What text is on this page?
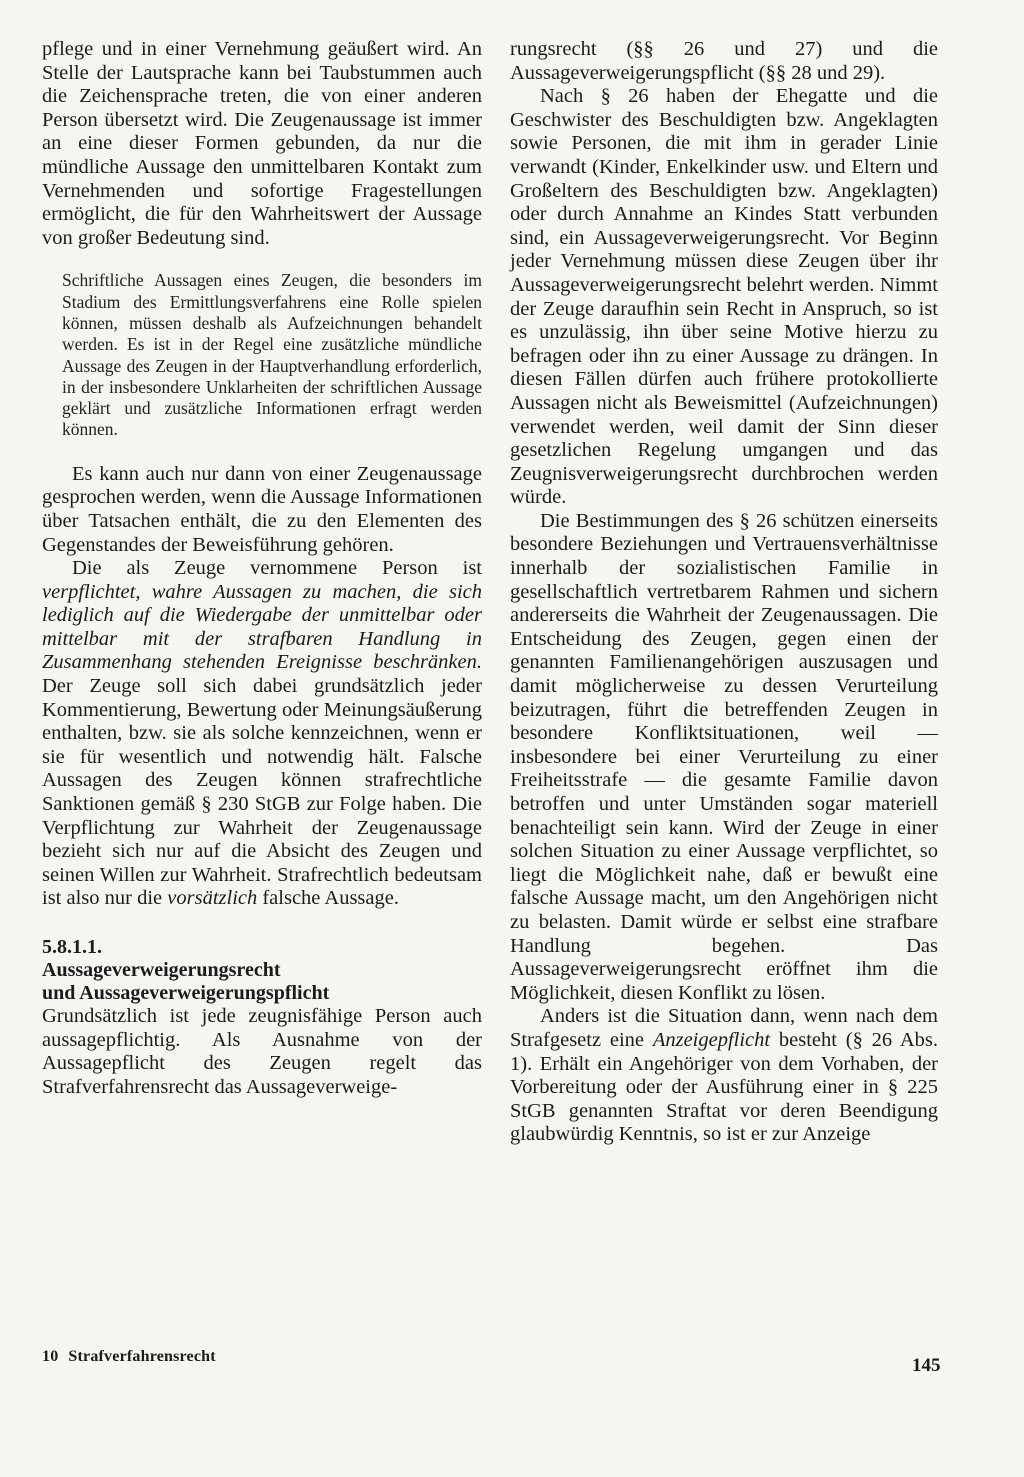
pflege und in einer Vernehmung geäußert wird. An Stelle der Lautsprache kann bei Taubstummen auch die Zeichensprache treten, die von einer anderen Person übersetzt wird. Die Zeugenaussage ist immer an eine dieser Formen gebunden, da nur die mündliche Aussage den unmittelbaren Kontakt zum Vernehmenden und sofortige Fragestellungen ermöglicht, die für den Wahrheitswert der Aussage von großer Bedeutung sind.

Schriftliche Aussagen eines Zeugen, die besonders im Stadium des Ermittlungsverfahrens eine Rolle spielen können, müssen deshalb als Aufzeichnungen behandelt werden. Es ist in der Regel eine zusätzliche mündliche Aussage des Zeugen in der Hauptverhandlung erforderlich, in der insbesondere Unklarheiten der schriftlichen Aussage geklärt und zusätzliche Informationen erfragt werden können.

Es kann auch nur dann von einer Zeugenaussage gesprochen werden, wenn die Aussage Informationen über Tatsachen enthält, die zu den Elementen des Gegenstandes der Beweisführung gehören.

Die als Zeuge vernommene Person ist verpflichtet, wahre Aussagen zu machen, die sich lediglich auf die Wiedergabe der unmittelbar oder mittelbar mit der strafbaren Handlung in Zusammenhang stehenden Ereignisse beschränken. Der Zeuge soll sich dabei grundsätzlich jeder Kommentierung, Bewertung oder Meinungsäußerung enthalten, bzw. sie als solche kennzeichnen, wenn er sie für wesentlich und notwendig hält. Falsche Aussagen des Zeugen können strafrechtliche Sanktionen gemäß § 230 StGB zur Folge haben. Die Verpflichtung zur Wahrheit der Zeugenaussage bezieht sich nur auf die Absicht des Zeugen und seinen Willen zur Wahrheit. Strafrechtlich bedeutsam ist also nur die vorsätzlich falsche Aussage.

5.8.1.1.
Aussageverweigerungsrecht
und Aussageverweigerungspflicht

Grundsätzlich ist jede zeugnisfähige Person auch aussagepflichtig. Als Ausnahme von der Aussagepflicht des Zeugen regelt das Strafverfahrensrecht das Aussageverweige-

rungsrecht (§§ 26 und 27) und die Aussageverweigerungspflicht (§§ 28 und 29).

Nach § 26 haben der Ehegatte und die Geschwister des Beschuldigten bzw. Angeklagten sowie Personen, die mit ihm in gerader Linie verwandt (Kinder, Enkelkinder usw. und Eltern und Großeltern des Beschuldigten bzw. Angeklagten) oder durch Annahme an Kindes Statt verbunden sind, ein Aussageverweigerungsrecht. Vor Beginn jeder Vernehmung müssen diese Zeugen über ihr Aussageverweigerungsrecht belehrt werden. Nimmt der Zeuge daraufhin sein Recht in Anspruch, so ist es unzulässig, ihn über seine Motive hierzu zu befragen oder ihn zu einer Aussage zu drängen. In diesen Fällen dürfen auch frühere protokollierte Aussagen nicht als Beweismittel (Aufzeichnungen) verwendet werden, weil damit der Sinn dieser gesetzlichen Regelung umgangen und das Zeugnisverweigerungsrecht durchbrochen werden würde.

Die Bestimmungen des § 26 schützen einerseits besondere Beziehungen und Vertrauensverhältnisse innerhalb der sozialistischen Familie in gesellschaftlich vertretbarem Rahmen und sichern andererseits die Wahrheit der Zeugenaussagen. Die Entscheidung des Zeugen, gegen einen der genannten Familienangehörigen auszusagen und damit möglicherweise zu dessen Verurteilung beizutragen, führt die betreffenden Zeugen in besondere Konfliktsituationen, weil — insbesondere bei einer Verurteilung zu einer Freiheitsstrafe — die gesamte Familie davon betroffen und unter Umständen sogar materiell benachteiligt sein kann. Wird der Zeuge in einer solchen Situation zu einer Aussage verpflichtet, so liegt die Möglichkeit nahe, daß er bewußt eine falsche Aussage macht, um den Angehörigen nicht zu belasten. Damit würde er selbst eine strafbare Handlung begehen. Das Aussageverweigerungsrecht eröffnet ihm die Möglichkeit, diesen Konflikt zu lösen.

Anders ist die Situation dann, wenn nach dem Strafgesetz eine Anzeigepflicht besteht (§ 26 Abs. 1). Erhält ein Angehöriger von dem Vorhaben, der Vorbereitung oder der Ausführung einer in § 225 StGB genannten Straftat vor deren Beendigung glaubwürdig Kenntnis, so ist er zur Anzeige

10 Strafverfahrensrecht	145
